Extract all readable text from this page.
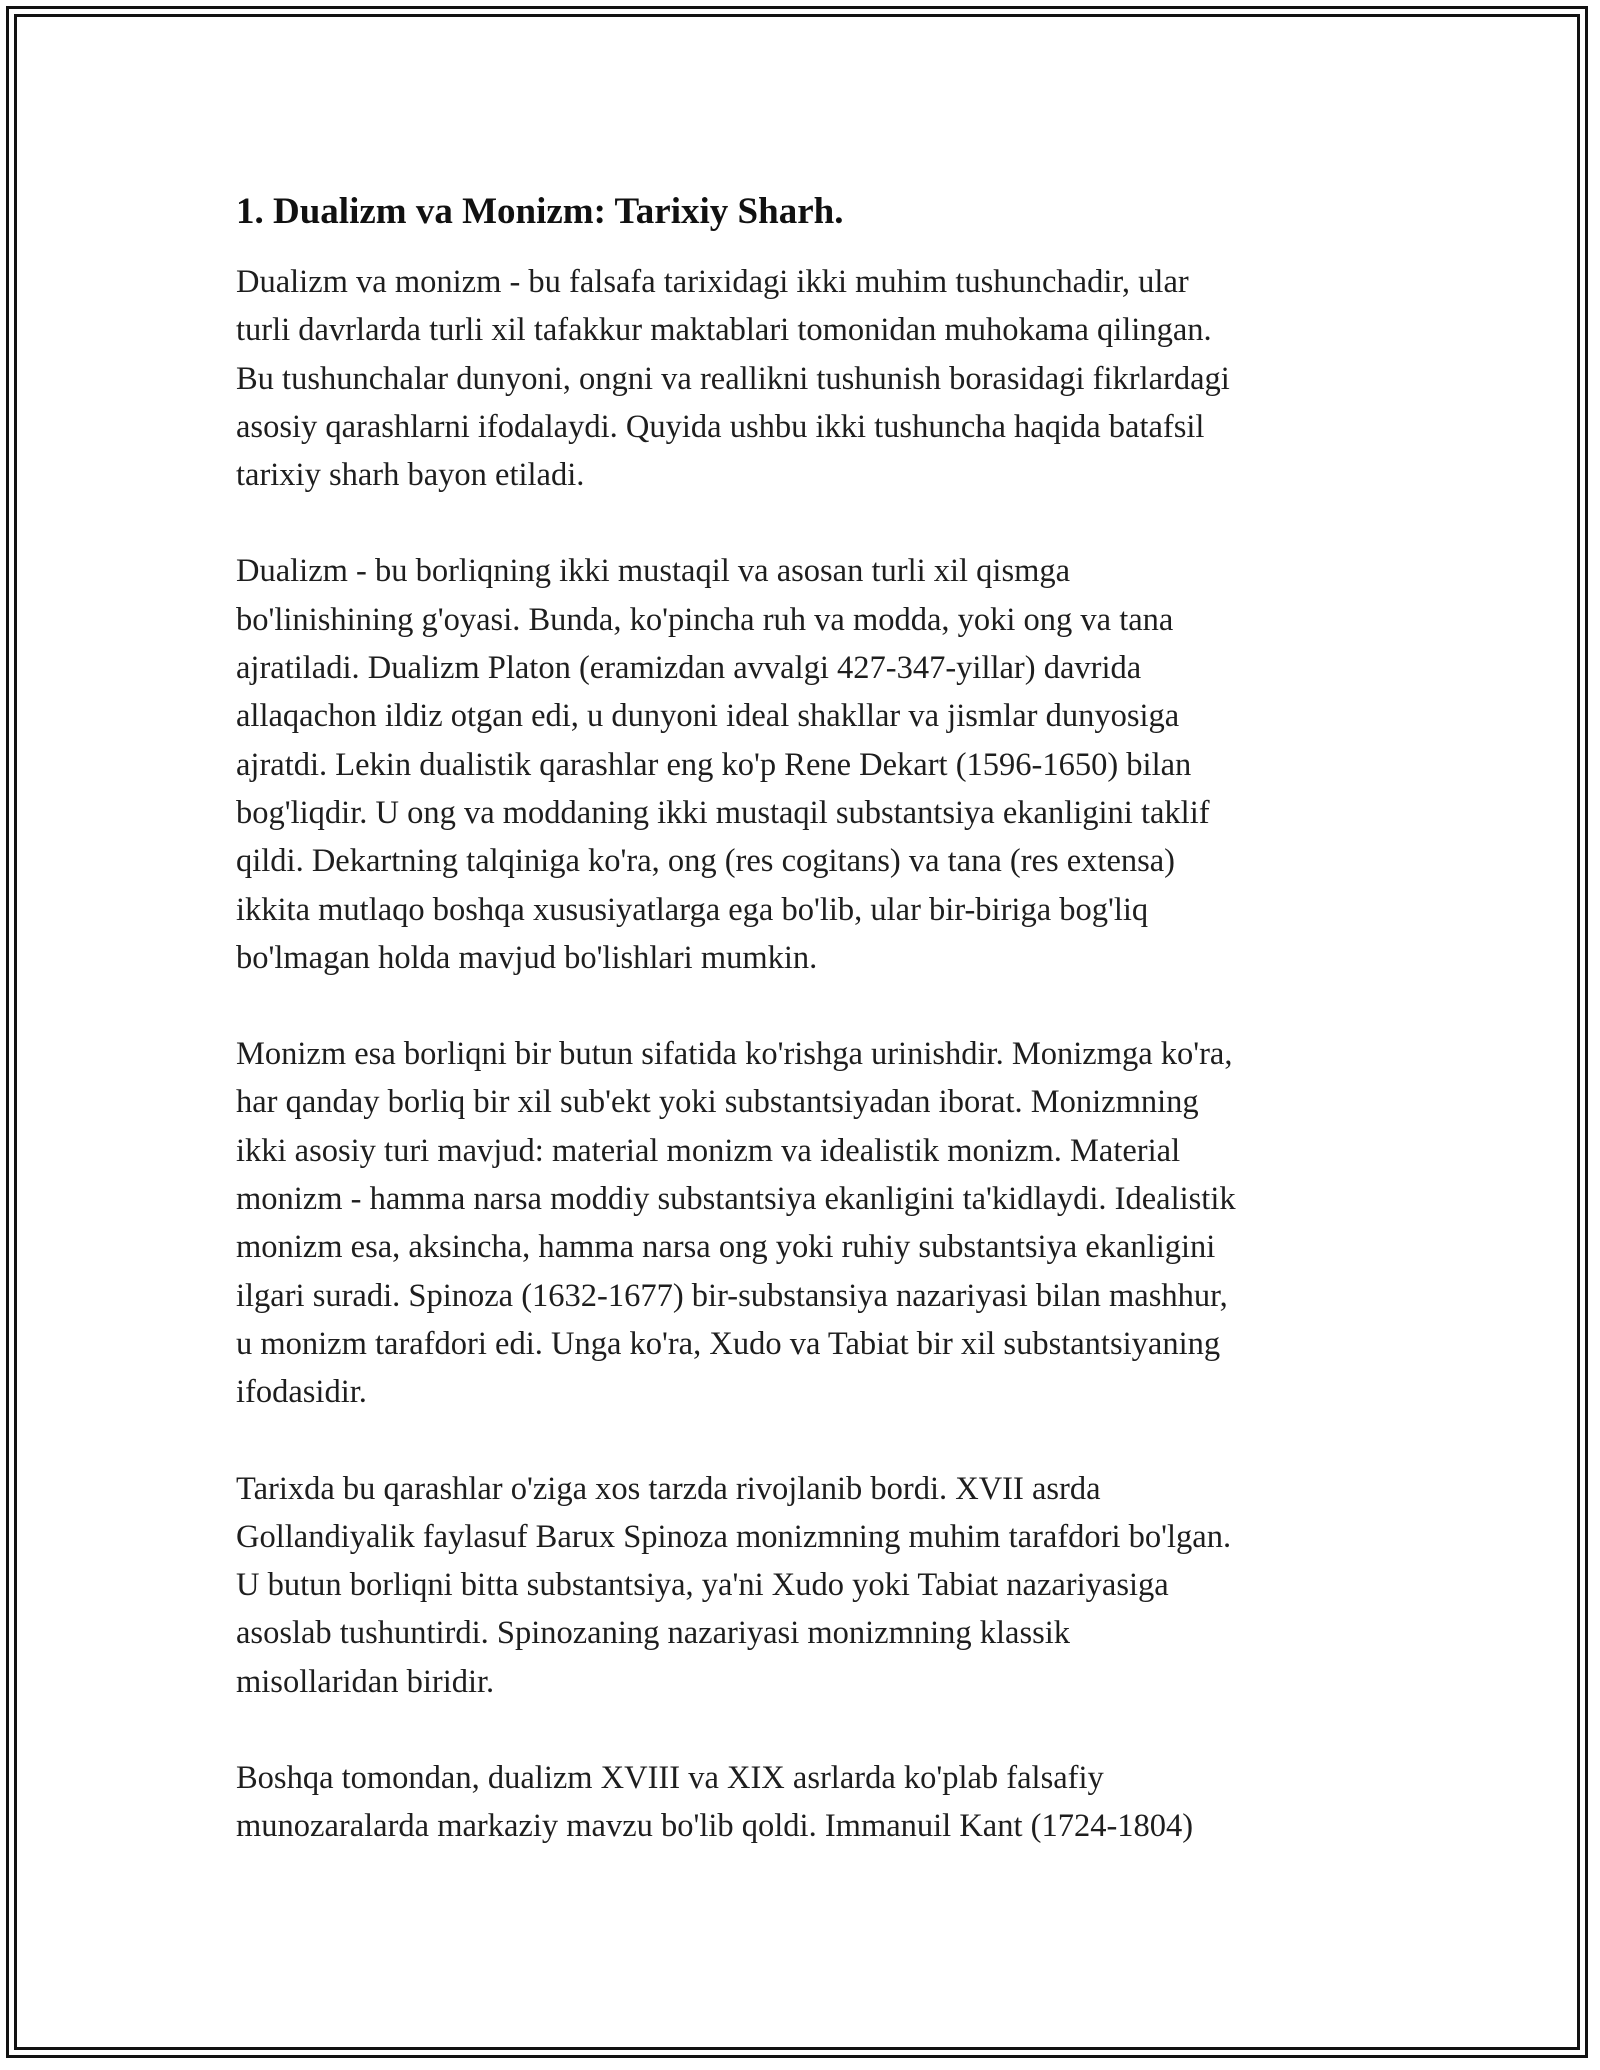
1. Dualizm va Monizm: Tarixiy Sharh.

Dualizm va monizm - bu falsafa tarixidagi ikki muhim tushunchadir, ular
turli davrlarda turli xil tafakkur maktablari tomonidan muhokama qilingan.
Bu tushunchalar dunyoni, ongni va reallikni tushunish borasidagi fikrlardagi
asosiy qarashlarni ifodalaydi. Quyida ushbu ikki tushuncha haqida batafsil
tarixiy sharh bayon etiladi.

Dualizm - bu borliqning ikki mustaqil va asosan turli xil qismga
bo'linishining g'oyasi. Bunda, ko'pincha ruh va modda, yoki ong va tana
ajratiladi. Dualizm Platon (eramizdan avvalgi 427-347-yillar) davrida
allaqachon ildiz otgan edi, u dunyoni ideal shakllar va jismlar dunyosiga
ajratdi. Lekin dualistik qarashlar eng ko'p Rene Dekart (1596-1650) bilan
bog'liqdir. U ong va moddaning ikki mustaqil substantsiya ekanligini taklif
qildi. Dekartning talqiniga ko'ra, ong (res cogitans) va tana (res extensa)
ikkita mutlaqo boshqa xususiyatlarga ega bo'lib, ular bir-biriga bog'liq
bo'lmagan holda mavjud bo'lishlari mumkin.

Monizm esa borliqni bir butun sifatida ko'rishga urinishdir. Monizmga ko'ra,
har qanday borliq bir xil sub'ekt yoki substantsiyadan iborat. Monizmning
ikki asosiy turi mavjud: material monizm va idealistik monizm. Material
monizm - hamma narsa moddiy substantsiya ekanligini ta'kidlaydi. Idealistik
monizm esa, aksincha, hamma narsa ong yoki ruhiy substantsiya ekanligini
ilgari suradi. Spinoza (1632-1677) bir-substansiya nazariyasi bilan mashhur,
u monizm tarafdori edi. Unga ko'ra, Xudo va Tabiat bir xil substantsiyaning
ifodasidir.

Tarixda bu qarashlar o'ziga xos tarzda rivojlanib bordi. XVII asrda
Gollandiyalik faylasuf Barux Spinoza monizmning muhim tarafdori bo'lgan.
U butun borliqni bitta substantsiya, ya'ni Xudo yoki Tabiat nazariyasiga
asoslab tushuntirdi. Spinozaning nazariyasi monizmning klassik
misollaridan biridir.

Boshqa tomondan, dualizm XVIII va XIX asrlarda ko'plab falsafiy
munozaralarda markaziy mavzu bo'lib qoldi. Immanuil Kant (1724-1804)
